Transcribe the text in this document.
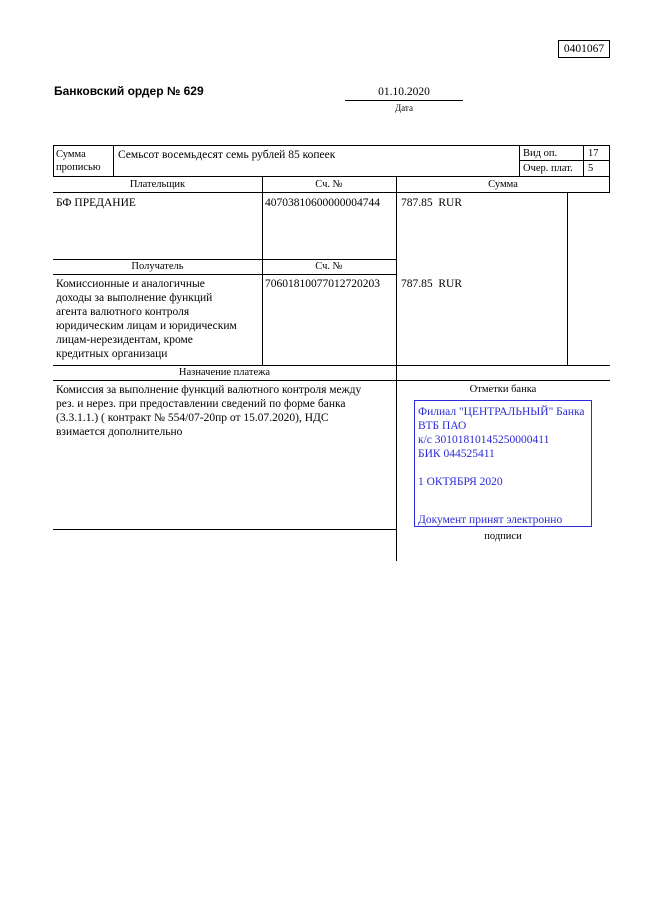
0401067
Банковский ордер № 629	01.10.2020
Дата
Сумма прописью
Семьсот восемьдесят семь рублей 85 копеек	Вид оп.	17
Очер. плат. 5
Плательщик	Сч. №	Сумма
БФ ПРЕДАНИЕ	40703810600000004744 787.85  RUR
Получатель	Сч. №
Комиссионные и аналогичные
доходы за выполнение функций
агента валютного контроля
юридическим лицам и юридическим
лицам-нерезидентам, кроме
кредитных организаци
70601810077012720203 787.85  RUR
Назначение платежа
Комиссия за выполнение функций валютного контроля между
рез. и нерез. при предоставлении сведений по форме банка
(3.3.1.1.) ( контракт № 554/07-20пр от 15.07.2020), НДС
взимается дополнительно
Отметки банка
Филиал "ЦЕНТРАЛЬНЫЙ" Банка
ВТБ ПАО
к/с 30101810145250000411
БИК 044525411
1 ОКТЯБРЯ 2020
Документ принят электронно
подписи
